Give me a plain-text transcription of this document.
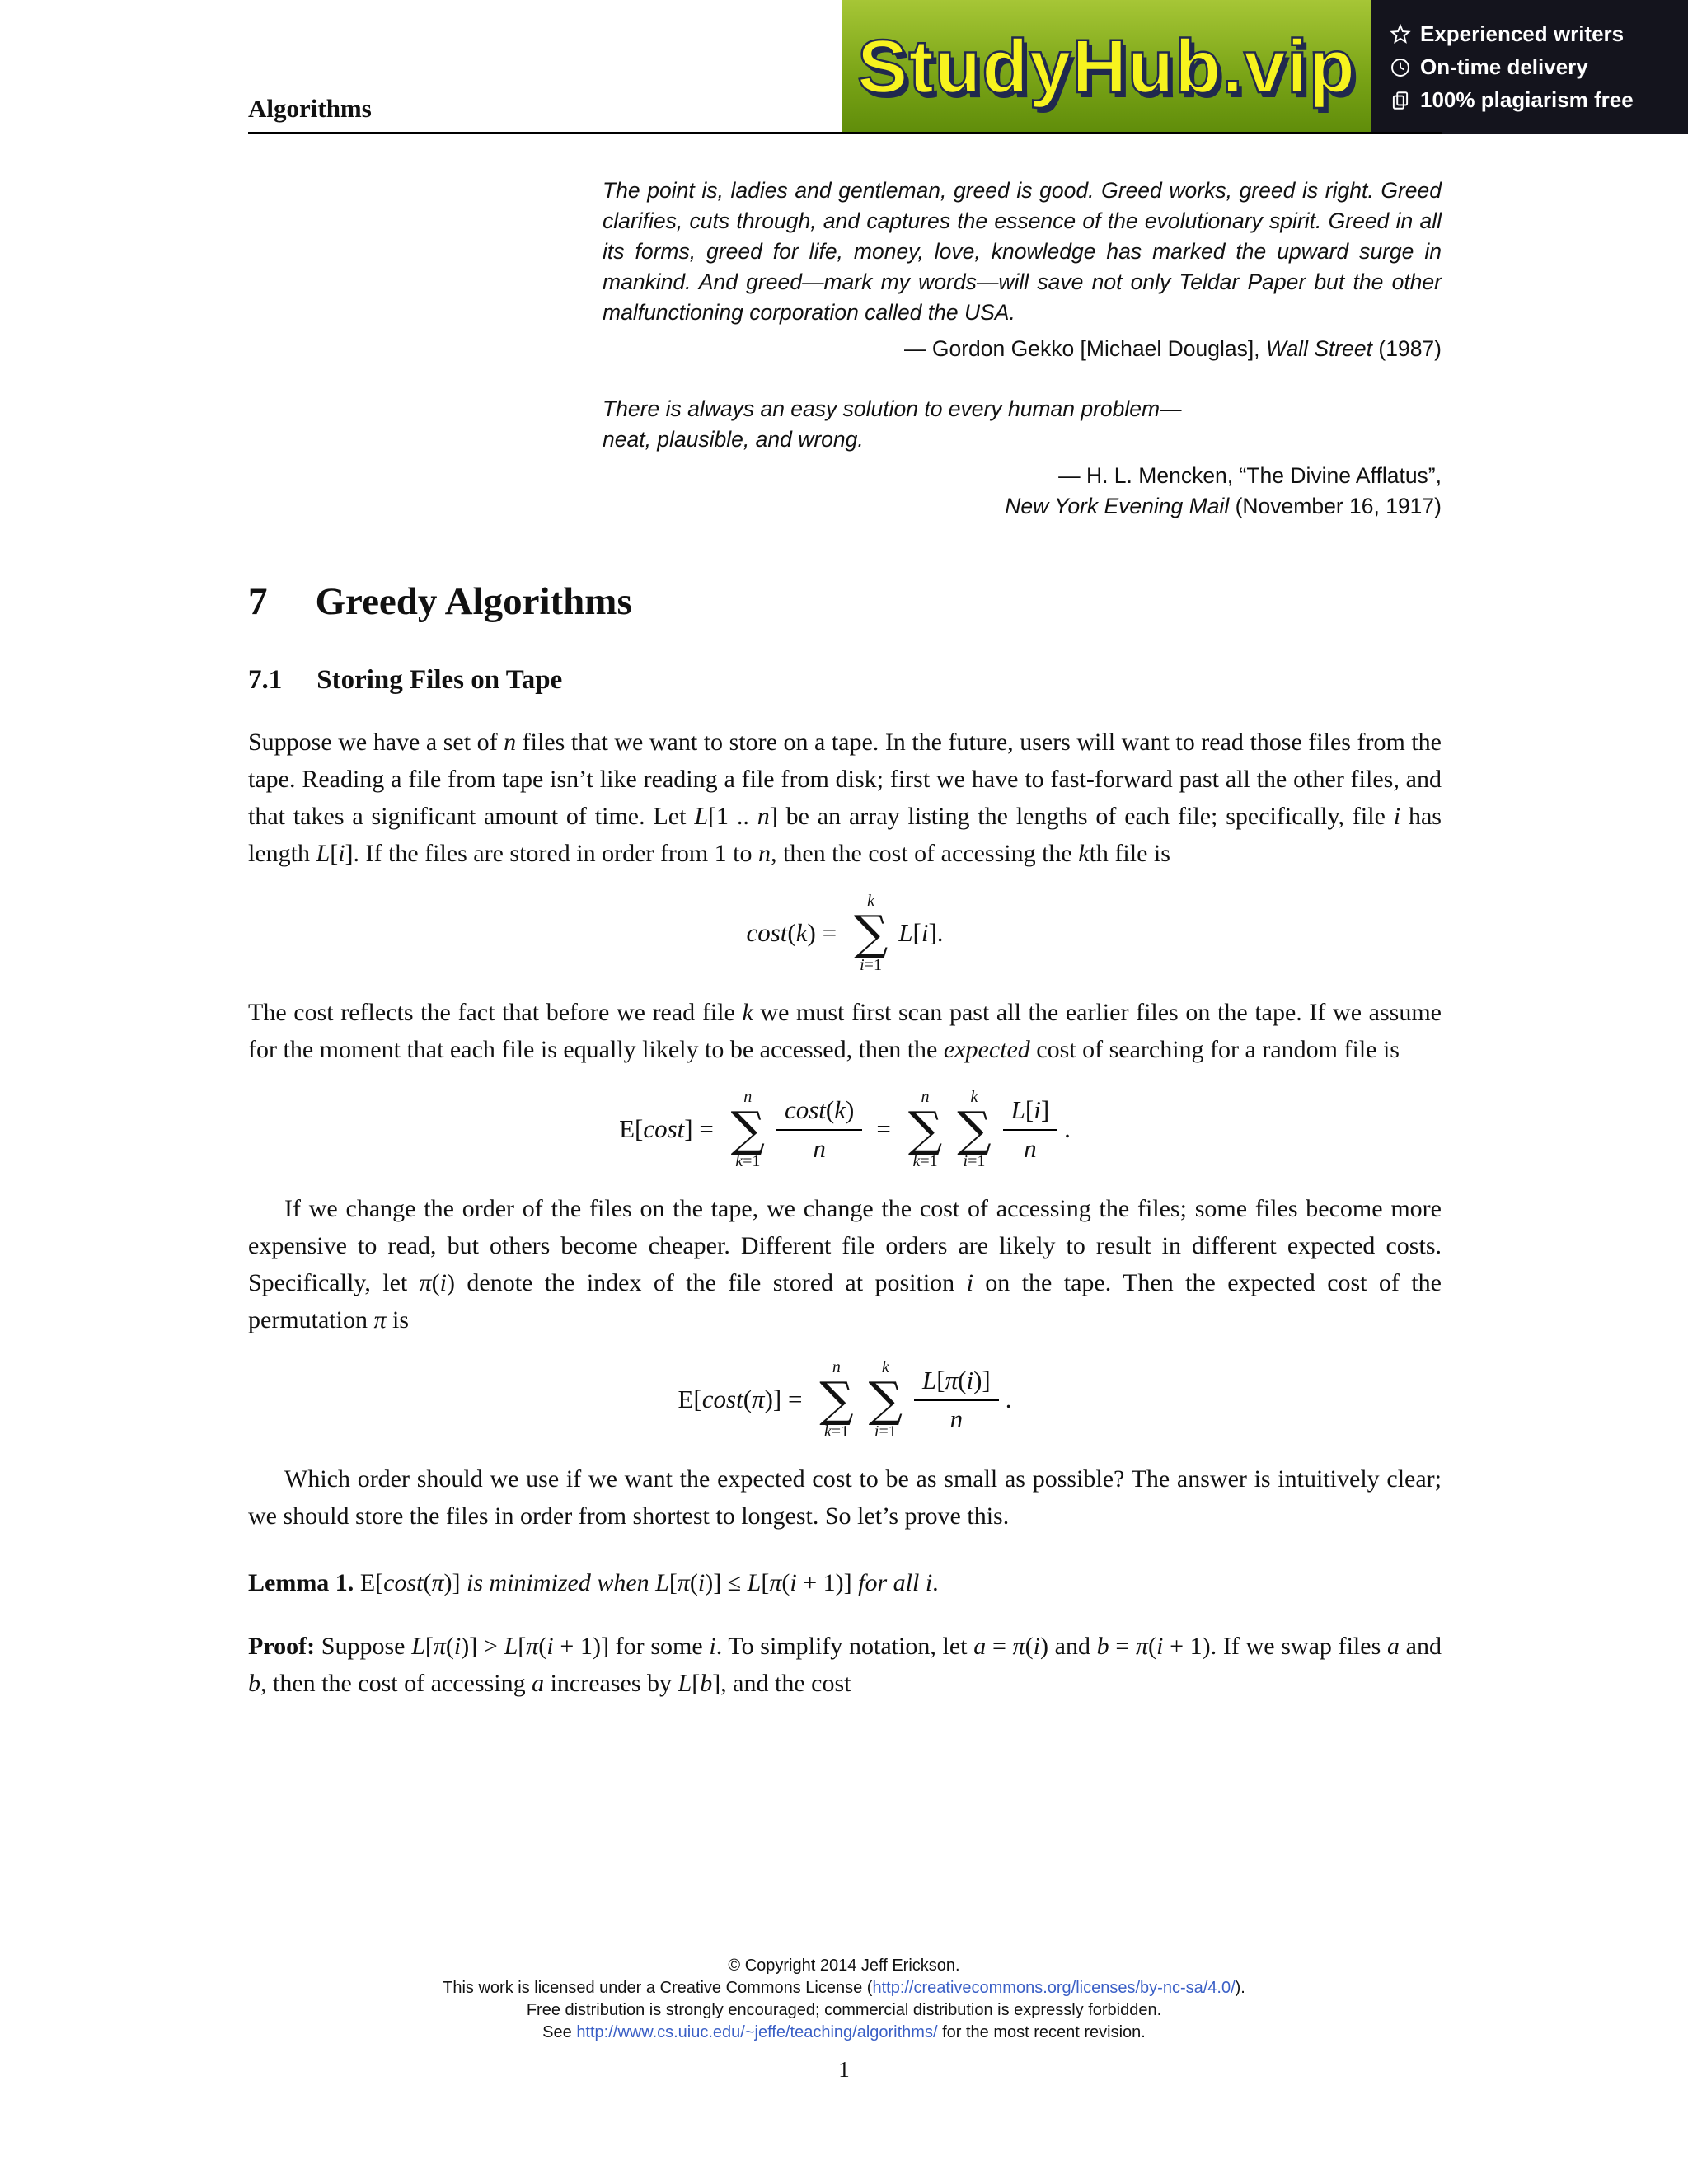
StudyHub.vip	Experienced writers
On-time delivery
100% plagiarism free
Algorithms
The point is, ladies and gentleman, greed is good. Greed works, greed is right. Greed clarifies, cuts through, and captures the essence of the evolutionary spirit. Greed in all its forms, greed for life, money, love, knowledge has marked the upward surge in mankind. And greed—mark my words—will save not only Teldar Paper but the other malfunctioning corporation called the USA.
— Gordon Gekko [Michael Douglas], Wall Street (1987)
There is always an easy solution to every human problem—
neat, plausible, and wrong.
— H. L. Mencken, “The Divine Afflatus”,
New York Evening Mail (November 16, 1917)
7 Greedy Algorithms
7.1 Storing Files on Tape
Suppose we have a set of n files that we want to store on a tape. In the future, users will want to read those files from the tape. Reading a file from tape isn’t like reading a file from disk; first we have to fast-forward past all the other files, and that takes a significant amount of time. Let L[1 .. n] be an array listing the lengths of each file; specifically, file i has length L[i]. If the files are stored in order from 1 to n, then the cost of accessing the kth file is
cost(k) =
k
∑
i=1
L[i].
The cost reflects the fact that before we read file k we must first scan past all the earlier files on the tape. If we assume for the moment that each file is equally likely to be accessed, then the expected cost of searching for a random file is
E[cost] =
n
∑
$k=1 \frac{\cos t(k)}{n}$ =
n
∑
k=1
k
∑
$i=1 \frac{L[i]}{n}$ .
If we change the order of the files on the tape, we change the cost of accessing the files; some files become more expensive to read, but others become cheaper. Different file orders are likely to result in different expected costs. Specifically, let π(i) denote the index of the file stored at position i on the tape. Then the expected cost of the permutation π is
E[cost(π)] =
n
∑
k=1
k
∑
$i=1 \frac{L[\pi(i)]}{n}$ .
Which order should we use if we want the expected cost to be as small as possible? The answer is intuitively clear; we should store the files in order from shortest to longest. So let’s prove this.
Lemma 1. E[cost(π)] is minimized when L[π(i)] ≤ L[π(i + 1)] for all i.
Proof: Suppose L[π(i)] > L[π(i + 1)] for some i. To simplify notation, let a = π(i) and b = π(i + 1). If we swap files a and b, then the cost of accessing a increases by L[b], and the cost
© Copyright 2014 Jeff Erickson.
This work is licensed under a Creative Commons License (http://creativecommons.org/licenses/by-nc-sa/4.0/).
Free distribution is strongly encouraged; commercial distribution is expressly forbidden.
See http://www.cs.uiuc.edu/~jeffe/teaching/algorithms/ for the most recent revision.
1
